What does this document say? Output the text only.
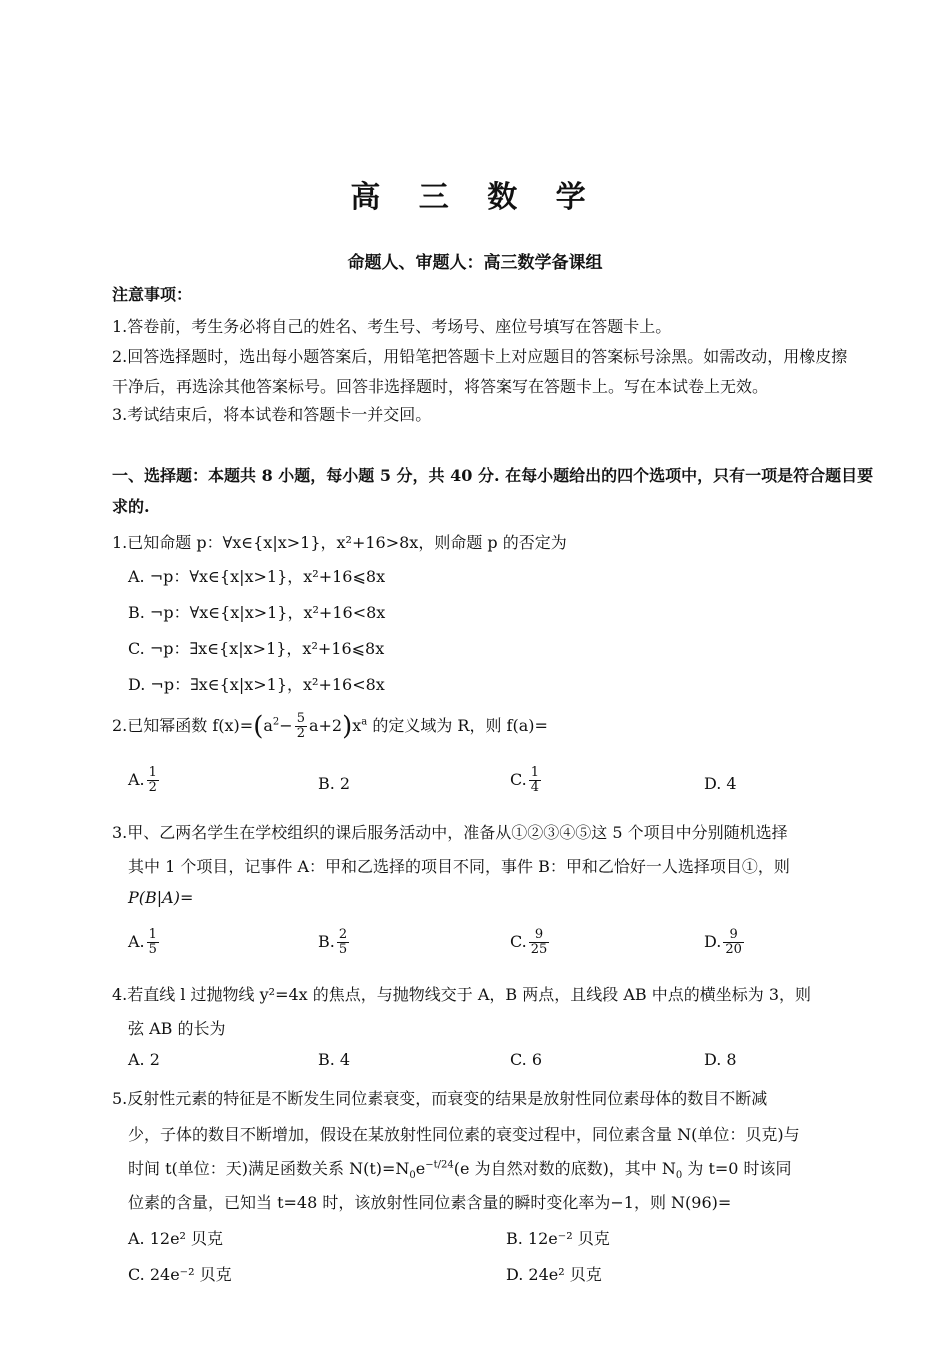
高 三 数 学
命题人、审题人：高三数学备课组
注意事项：
1.答卷前，考生务必将自己的姓名、考生号、考场号、座位号填写在答题卡上。
2.回答选择题时，选出每小题答案后，用铅笔把答题卡上对应题目的答案标号涂黑。如需改动，用橡皮擦
干净后，再选涂其他答案标号。回答非选择题时，将答案写在答题卡上。写在本试卷上无效。
3.考试结束后，将本试卷和答题卡一并交回。
一、选择题：本题共 8 小题，每小题 5 分，共 40 分. 在每小题给出的四个选项中，只有一项是符合题目要
求的.
1.已知命题 p：∀x∈{x|x>1}，x²+16>8x，则命题 p 的否定为
A. ¬p：∀x∈{x|x>1}，x²+16⩽8x
B. ¬p：∀x∈{x|x>1}，x²+16<8x
C. ¬p：∃x∈{x|x>1}，x²+16⩽8x
D. ¬p：∃x∈{x|x>1}，x²+16<8x
2.已知幂函数 $f(x)=(a^2- \frac{5}{2} a+2)x^a$ 的定义域为 R，则 f(a)=
A. $\frac{1}{2}$	B. 2	C. $\frac{1}{4}$	D. 4
3.甲、乙两名学生在学校组织的课后服务活动中，准备从①②③④⑤这 5 个项目中分别随机选择
其中 1 个项目，记事件 A：甲和乙选择的项目不同，事件 B：甲和乙恰好一人选择项目①，则
P(B|A)=
A. $\frac{1}{5}$	B. $\frac{2}{5}$	C. $\frac{9}{25}$	D. $\frac{9}{20}$
4.若直线 l 过抛物线 y²=4x 的焦点，与抛物线交于 A，B 两点，且线段 AB 中点的横坐标为 3，则
弦 AB 的长为
A. 2	B. 4	C. 6	D. 8
5.反射性元素的特征是不断发生同位素衰变，而衰变的结果是放射性同位素母体的数目不断减
少，子体的数目不断增加，假设在某放射性同位素的衰变过程中，同位素含量 N(单位：贝克)与
时间 t(单位：天)满足函数关系 $N(t)=N_0e^{-t/24}(e$ 为自然对数的底数)，其中 $N_0$ 为 t=0 时该同
位素的含量，已知当 t=48 时，该放射性同位素含量的瞬时变化率为−1，则 N(96)=
A. 12e² 贝克	B. 12e⁻² 贝克
C. 24e⁻² 贝克	D. 24e² 贝克
